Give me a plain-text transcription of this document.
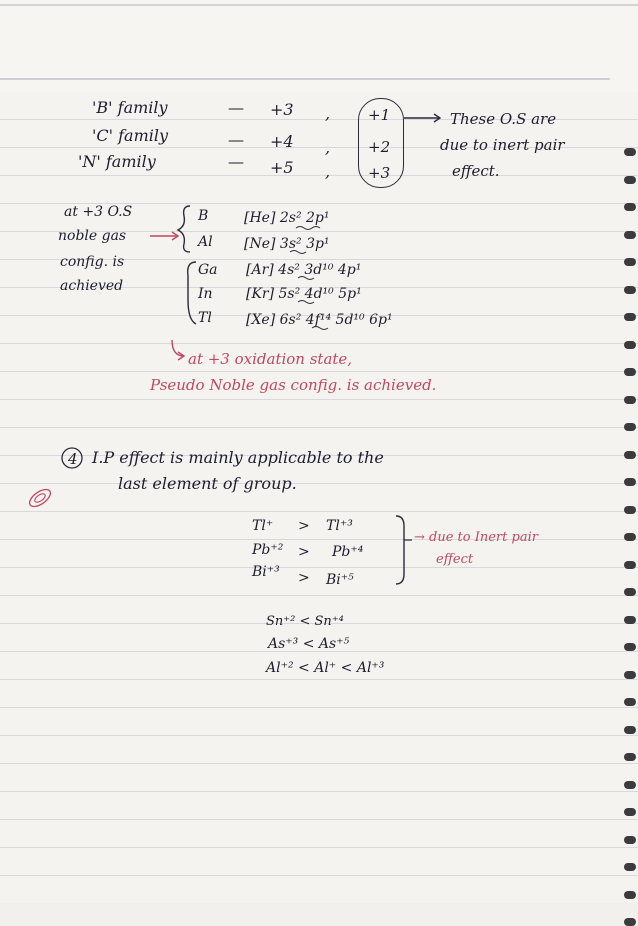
'B' family	— +3 ,	+1
'C' family	— +4 ,	+2
'N' family	— +5 ,	+3
These O.S are
due to inert pair
effect.
at +3 O.S
noble gas
config. is
achieved
B	[He] 2s² 2p¹
Al [Ne] 3s² 3p¹
Ga [Ar] 4s² 3d¹⁰ 4p¹
In [Kr] 5s² 4d¹⁰ 5p¹
Tl [Xe] 6s² 4f¹⁴ 5d¹⁰ 6p¹
at +3 oxidation state,
Pseudo Noble gas config. is achieved.
4 I.P effect is mainly applicable to the
last element of group.
Tl⁺ > Tl⁺³
Pb⁺² > Pb⁺⁴
Bi⁺³ > Bi⁺⁵
→ due to Inert pair
effect
Sn⁺² < Sn⁺⁴
As⁺³ < As⁺⁵
Al⁺² < Al⁺ < Al⁺³
